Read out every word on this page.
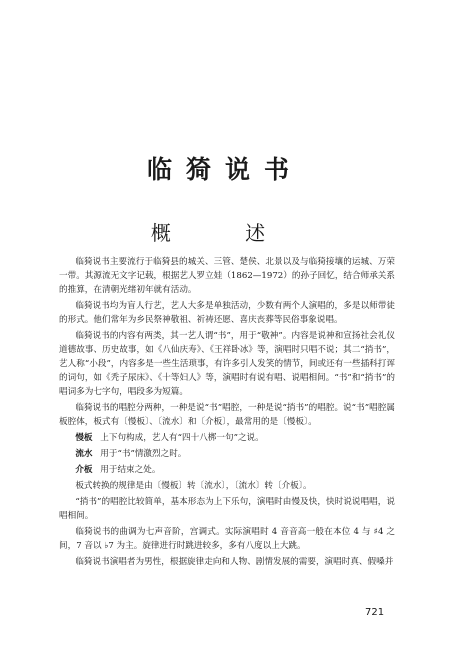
临猗说书
概 述

临猗说书主要流行于临猗县的城关、三管、楚侯、北景以及与临猗接壤的运城、万荣一带。其源流无文字记载，根据艺人罗立娃（1862—1972）的孙子回忆，结合师承关系的推算，在清朝光绪初年就有活动。

临猗说书均为盲人行艺，艺人大多是单独活动，少数有两个人演唱的，多是以师带徒的形式。他们常年为乡民祭神敬祖、祈祷还愿、喜庆丧葬等民俗事象说唱。

临猗说书的内容有两类，其一艺人谓“书”，用于“敬神”。内容是说神和宣扬社会礼仪道德故事、历史故事，如《八仙庆寿》、《王祥卧冰》等，演唱时只唱不说；其二“捎书”，艺人称“小段”，内容多是一些生活琐事，有许多引人发笑的情节，间或还有一些插科打诨的词句，如《秃子尿床》、《十等妇人》等，演唱时有说有唱、说唱相间。“书”和“捎书”的唱词多为七字句，唱段多为短篇。

临猗说书的唱腔分两种，一种是说“书”唱腔，一种是说“捎书”的唱腔。说“书”唱腔属板腔体，板式有〔慢板〕、〔流水〕和〔介板〕，最常用的是〔慢板〕。

慢板 上下句构成，艺人有“四十八梆一句”之说。
流水 用于“书”情激烈之时。
介板 用于结束之处。

板式转换的规律是由〔慢板〕转〔流水〕，〔流水〕转〔介板〕。

“捎书”的唱腔比较简单，基本形态为上下乐句，演唱时由慢及快，快时说说唱唱，说唱相间。

临猗说书的曲调为七声音阶，宫调式。实际演唱时 4 音音高一般在本位 4 与 ♯4 之间，7 音以 ♭7 为主。旋律进行时跳进较多，多有八度以上大跳。

临猗说书演唱者为男性，根据旋律走向和人物、剧情发展的需要，演唱时真、假嗓并

721
